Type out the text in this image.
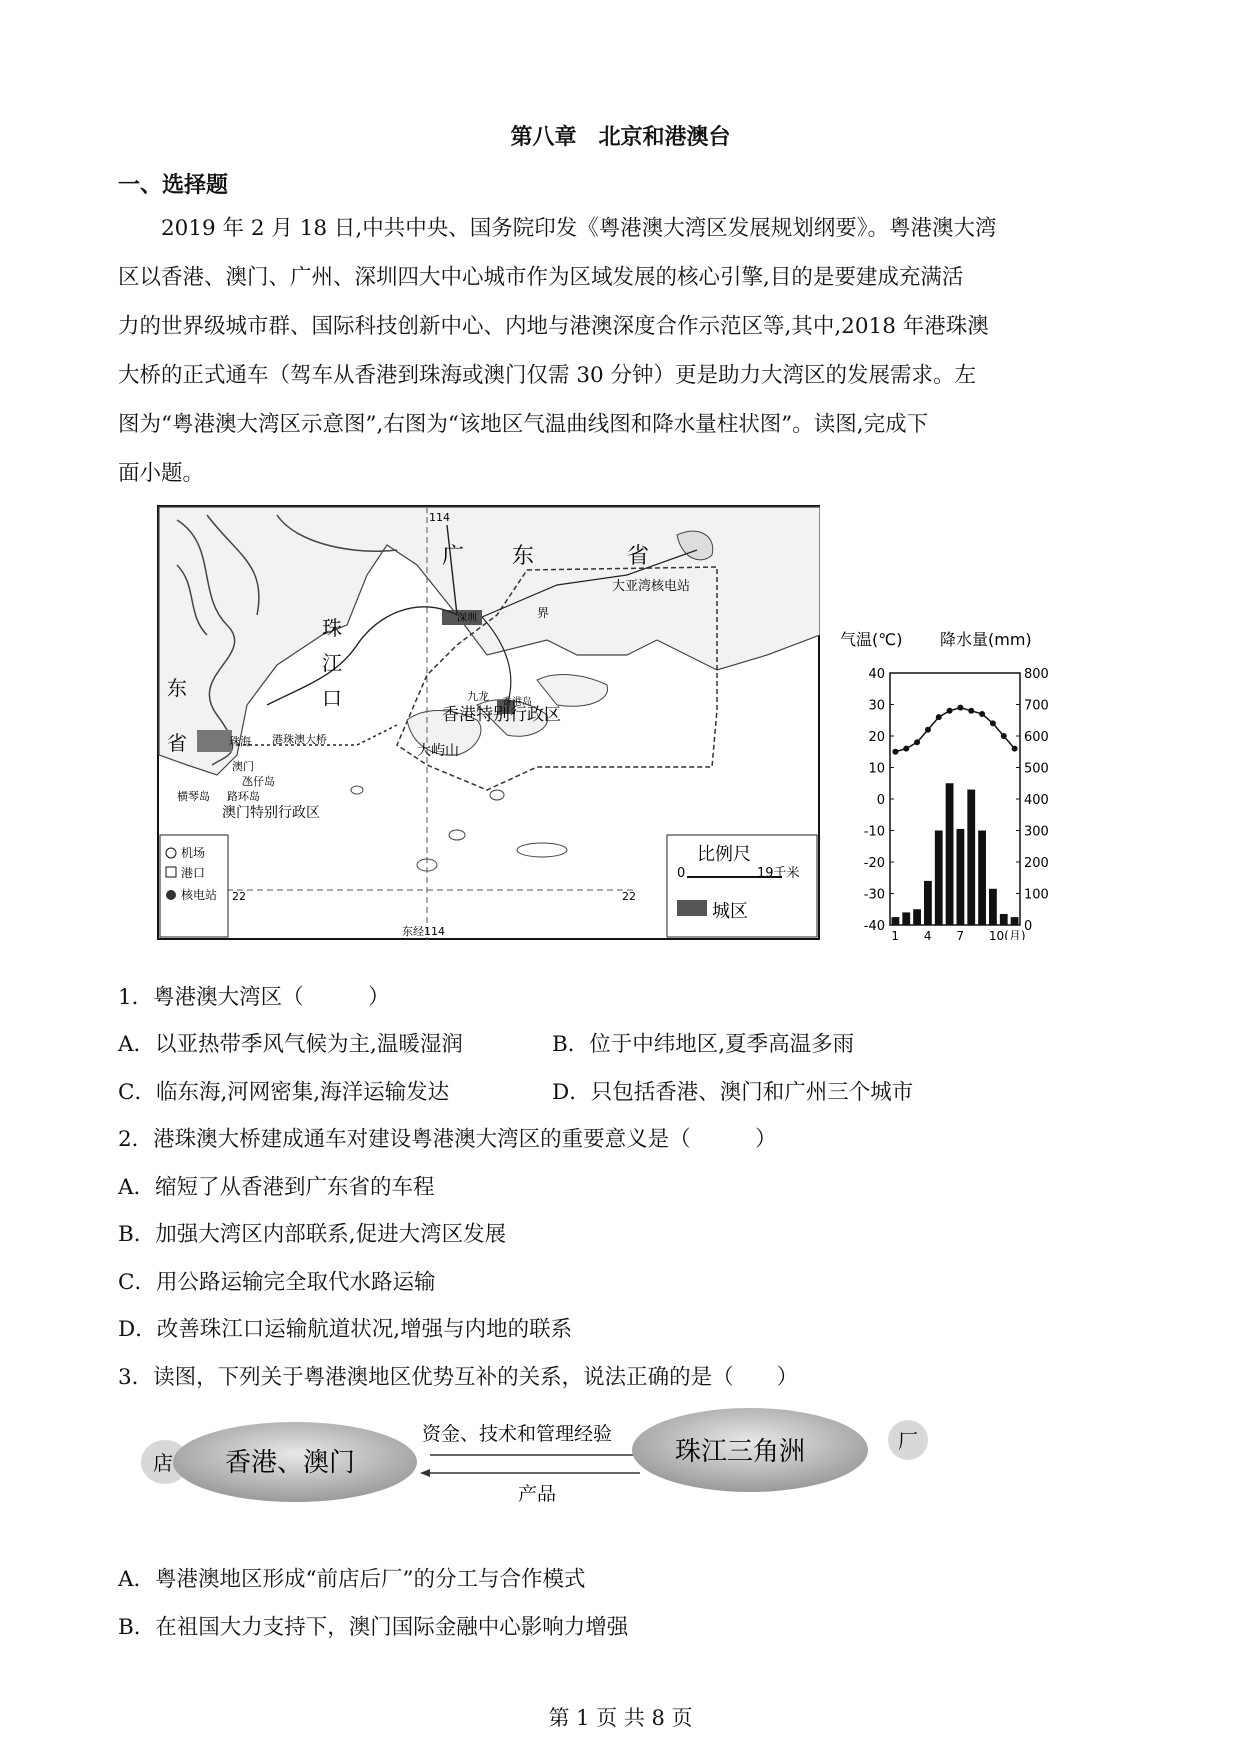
第八章　北京和港澳台
一、选择题
2019 年 2 月 18 日,中共中央、国务院印发《粤港澳大湾区发展规划纲要》。粤港澳大湾
区以香港、澳门、广州、深圳四大中心城市作为区域发展的核心引擎,目的是要建成充满活
力的世界级城市群、国际科技创新中心、内地与港澳深度合作示范区等,其中,2018 年港珠澳
大桥的正式通车（驾车从香港到珠海或澳门仅需 30 分钟）更是助力大湾区的发展需求。左
图为“粤港澳大湾区示意图”,右图为“该地区气温曲线图和降水量柱状图”。读图,完成下
面小题。
114
东经114
22	22
广 东	省
大亚湾核电站
珠
江
口
东
省	珠海 港珠澳大桥
九龙
香港特别行政区
大屿山
深圳
香港岛
界
澳门
氹仔岛
路环岛
横琴岛
澳门特别行政区
机场
港口
核电站
比例尺
0	19千米
城区
气温(℃) 降水量(mm)
40
30
20
10
0
-10
-20
-30
-40
800
700
600
500
400
300
200
100
0
1 4 7 10(月)
1．粤港澳大湾区（　　　）
A．以亚热带季风气候为主,温暖湿润	B．位于中纬地区,夏季高温多雨
C．临东海,河网密集,海洋运输发达	D．只包括香港、澳门和广州三个城市
2．港珠澳大桥建成通车对建设粤港澳大湾区的重要意义是（　　　）
A．缩短了从香港到广东省的车程
B．加强大湾区内部联系,促进大湾区发展
C．用公路运输完全取代水路运输
D．改善珠江口运输航道状况,增强与内地的联系
3．读图，下列关于粤港澳地区优势互补的关系，说法正确的是（　　）
店 香港、澳门
资金、技术和管理经验
产品
珠江三角洲	厂
A．粤港澳地区形成“前店后厂”的分工与合作模式
B．在祖国大力支持下，澳门国际金融中心影响力增强
第 1 页 共 8 页
